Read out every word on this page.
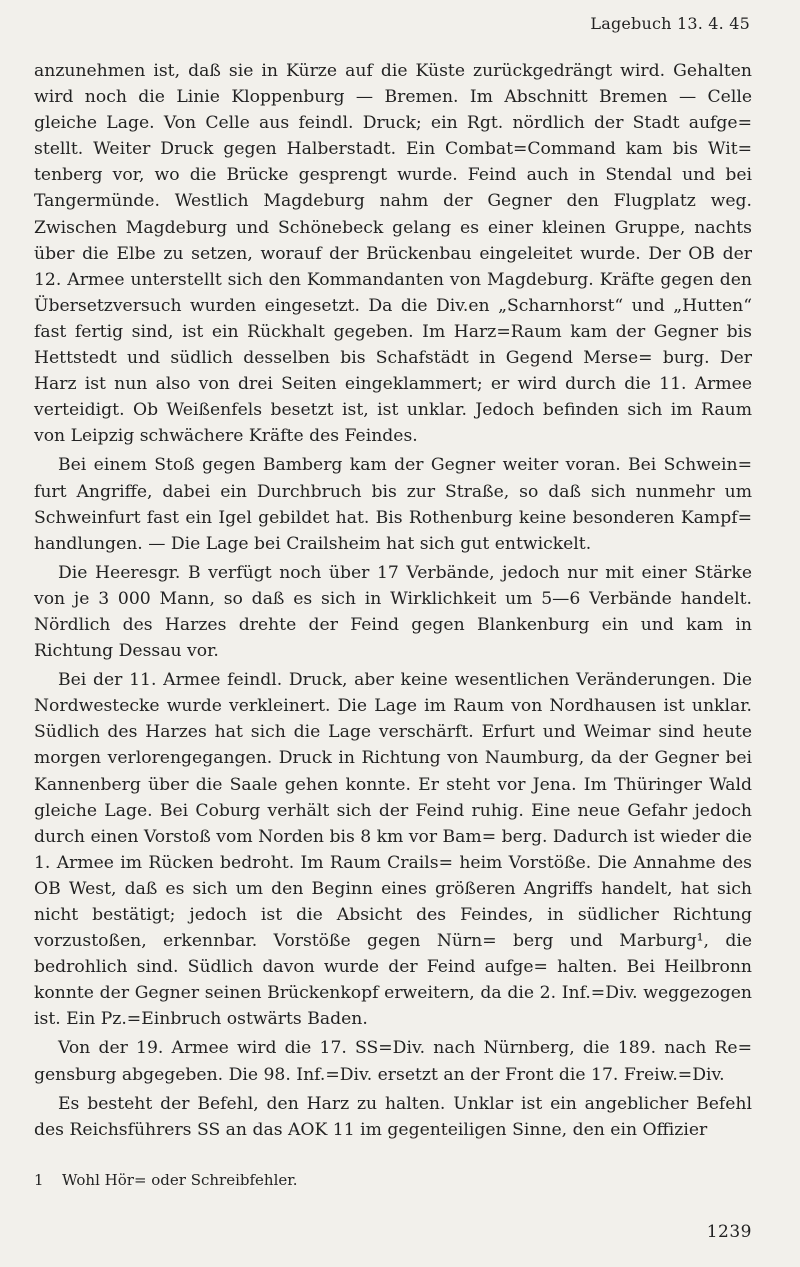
Lagebuch 13. 4. 45

anzunehmen ist, daß sie in Kürze auf die Küste zurückgedrängt wird. Gehalten wird noch die Linie Kloppenburg — Bremen. Im Abschnitt Bremen — Celle gleiche Lage. Von Celle aus feindl. Druck; ein Rgt. nördlich der Stadt aufge= stellt. Weiter Druck gegen Halberstadt. Ein Combat=Command kam bis Wit= tenberg vor, wo die Brücke gesprengt wurde. Feind auch in Stendal und bei Tangermünde. Westlich Magdeburg nahm der Gegner den Flugplatz weg. Zwischen Magdeburg und Schönebeck gelang es einer kleinen Gruppe, nachts über die Elbe zu setzen, worauf der Brückenbau eingeleitet wurde. Der OB der 12. Armee unterstellt sich den Kommandanten von Magdeburg. Kräfte gegen den Übersetzversuch wurden eingesetzt. Da die Div.en „Scharnhorst“ und „Hutten“ fast fertig sind, ist ein Rückhalt gegeben. Im Harz=Raum kam der Gegner bis Hettstedt und südlich desselben bis Schafstädt in Gegend Merse= burg. Der Harz ist nun also von drei Seiten eingeklammert; er wird durch die 11. Armee verteidigt. Ob Weißenfels besetzt ist, ist unklar. Jedoch befinden sich im Raum von Leipzig schwächere Kräfte des Feindes.

Bei einem Stoß gegen Bamberg kam der Gegner weiter voran. Bei Schwein= furt Angriffe, dabei ein Durchbruch bis zur Straße, so daß sich nunmehr um Schweinfurt fast ein Igel gebildet hat. Bis Rothenburg keine besonderen Kampf= handlungen. — Die Lage bei Crailsheim hat sich gut entwickelt.

Die Heeresgr. B verfügt noch über 17 Verbände, jedoch nur mit einer Stärke von je 3 000 Mann, so daß es sich in Wirklichkeit um 5—6 Verbände handelt. Nördlich des Harzes drehte der Feind gegen Blankenburg ein und kam in Richtung Dessau vor.

Bei der 11. Armee feindl. Druck, aber keine wesentlichen Veränderungen. Die Nordwestecke wurde verkleinert. Die Lage im Raum von Nordhausen ist unklar. Südlich des Harzes hat sich die Lage verschärft. Erfurt und Weimar sind heute morgen verlorengegangen. Druck in Richtung von Naumburg, da der Gegner bei Kannenberg über die Saale gehen konnte. Er steht vor Jena. Im Thüringer Wald gleiche Lage. Bei Coburg verhält sich der Feind ruhig. Eine neue Gefahr jedoch durch einen Vorstoß vom Norden bis 8 km vor Bam= berg. Dadurch ist wieder die 1. Armee im Rücken bedroht. Im Raum Crails= heim Vorstöße. Die Annahme des OB West, daß es sich um den Beginn eines größeren Angriffs handelt, hat sich nicht bestätigt; jedoch ist die Absicht des Feindes, in südlicher Richtung vorzustoßen, erkennbar. Vorstöße gegen Nürn= berg und Marburg¹, die bedrohlich sind. Südlich davon wurde der Feind aufge= halten. Bei Heilbronn konnte der Gegner seinen Brückenkopf erweitern, da die 2. Inf.=Div. weggezogen ist. Ein Pz.=Einbruch ostwärts Baden.

Von der 19. Armee wird die 17. SS=Div. nach Nürnberg, die 189. nach Re= gensburg abgegeben. Die 98. Inf.=Div. ersetzt an der Front die 17. Freiw.=Div.

Es besteht der Befehl, den Harz zu halten. Unklar ist ein angeblicher Befehl des Reichsführers SS an das AOK 11 im gegenteiligen Sinne, den ein Offizier

1 Wohl Hör= oder Schreibfehler.
1239
